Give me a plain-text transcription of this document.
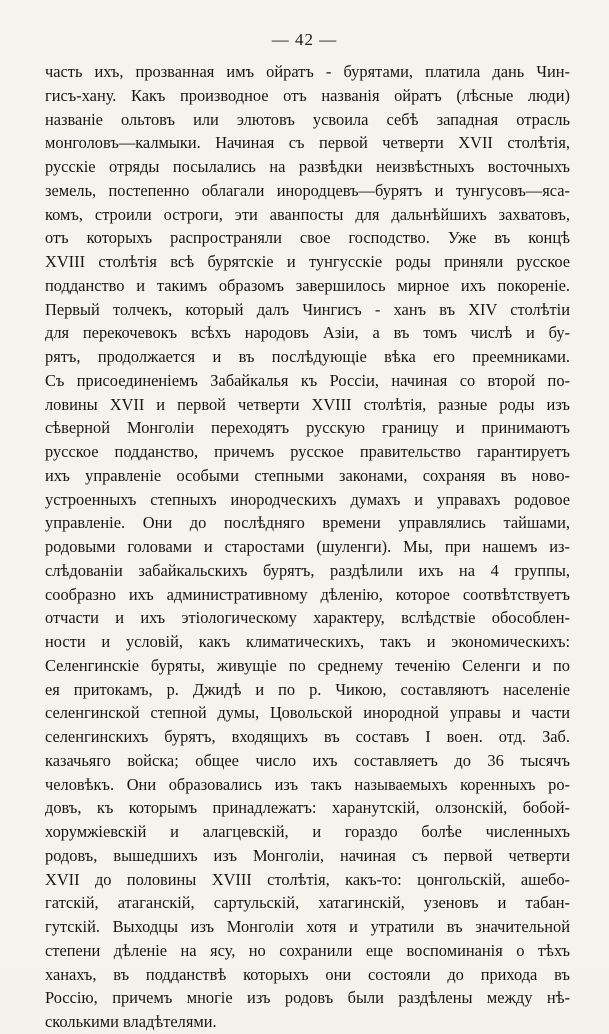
— 42 —
часть ихъ, прозванная имъ ойратъ - бурятами, платила дань Чин-
гисъ-хану. Какъ производное отъ названія ойратъ (лѣсные люди)
названіе ольтовъ или элютовъ усвоила себѣ западная отрасль
монголовъ—калмыки. Начиная съ первой четверти XVII столѣтія,
русскіе отряды посылались на развѣдки неизвѣстныхъ восточныхъ
земель, постепенно облагали инородцевъ—бурятъ и тунгусовъ—яса-
комъ, строили остроги, эти аванпосты для дальнѣйшихъ захватовъ,
отъ которыхъ распространяли свое господство. Уже въ концѣ
XVIII столѣтія всѣ бурятскіе и тунгусскіе роды приняли русское
подданство и такимъ образомъ завершилось мирное ихъ покореніе.
Первый толчекъ, который далъ Чингисъ - ханъ въ XIV столѣтіи
для перекочевокъ всѣхъ народовъ Азіи, а въ томъ числѣ и бу-
рятъ, продолжается и въ послѣдующіе вѣка его преемниками.
Съ присоединеніемъ Забайкалья къ Россіи, начиная со второй по-
ловины XVII и первой четверти XVIII столѣтія, разные роды изъ
сѣверной Монголіи переходятъ русскую границу и принимаютъ
русское подданство, причемъ русское правительство гарантируетъ
ихъ управленіе особыми степными законами, сохраняя въ ново-
устроенныхъ степныхъ инородческихъ думахъ и управахъ родовое
управленіе. Они до послѣдняго времени управлялись тайшами,
родовыми головами и старостами (шуленги). Мы, при нашемъ из-
слѣдованіи забайкальскихъ бурятъ, раздѣлили ихъ на 4 группы,
сообразно ихъ административному дѣленію, которое соотвѣтствуетъ
отчасти и ихъ этіологическому характеру, вслѣдствіе обособлен-
ности и условій, какъ климатическихъ, такъ и экономическихъ:
Селенгинскіе буряты, живущіе по среднему теченію Селенги и по
ея притокамъ, р. Джидѣ и по р. Чикою, составляютъ населеніе
селенгинской степной думы, Цовольской инородной управы и части
селенгинскихъ бурятъ, входящихъ въ составъ I воен. отд. Заб.
казачьяго войска; общее число ихъ составляетъ до 36 тысячъ
человѣкъ. Они образовались изъ такъ называемыхъ коренныхъ ро-
довъ, къ которымъ принадлежатъ: харанутскій, олзонскій, бобой-
хорумжіевскій и алагцевскій, и гораздо болѣе численныхъ
родовъ, вышедшихъ изъ Монголіи, начиная съ первой четверти
XVII до половины XVIII столѣтія, какъ-то: цонгольскій, ашебо-
гатскій, атаганскій, сартульскій, хатагинскій, узеновъ и табан-
гутскій. Выходцы изъ Монголіи хотя и утратили въ значительной
степени дѣленіе на ясу, но сохранили еще воспоминанія о тѣхъ
ханахъ, въ подданствѣ которыхъ они состояли до прихода въ
Россію, причемъ многіе изъ родовъ были раздѣлены между нѣ-
сколькими владѣтелями.
